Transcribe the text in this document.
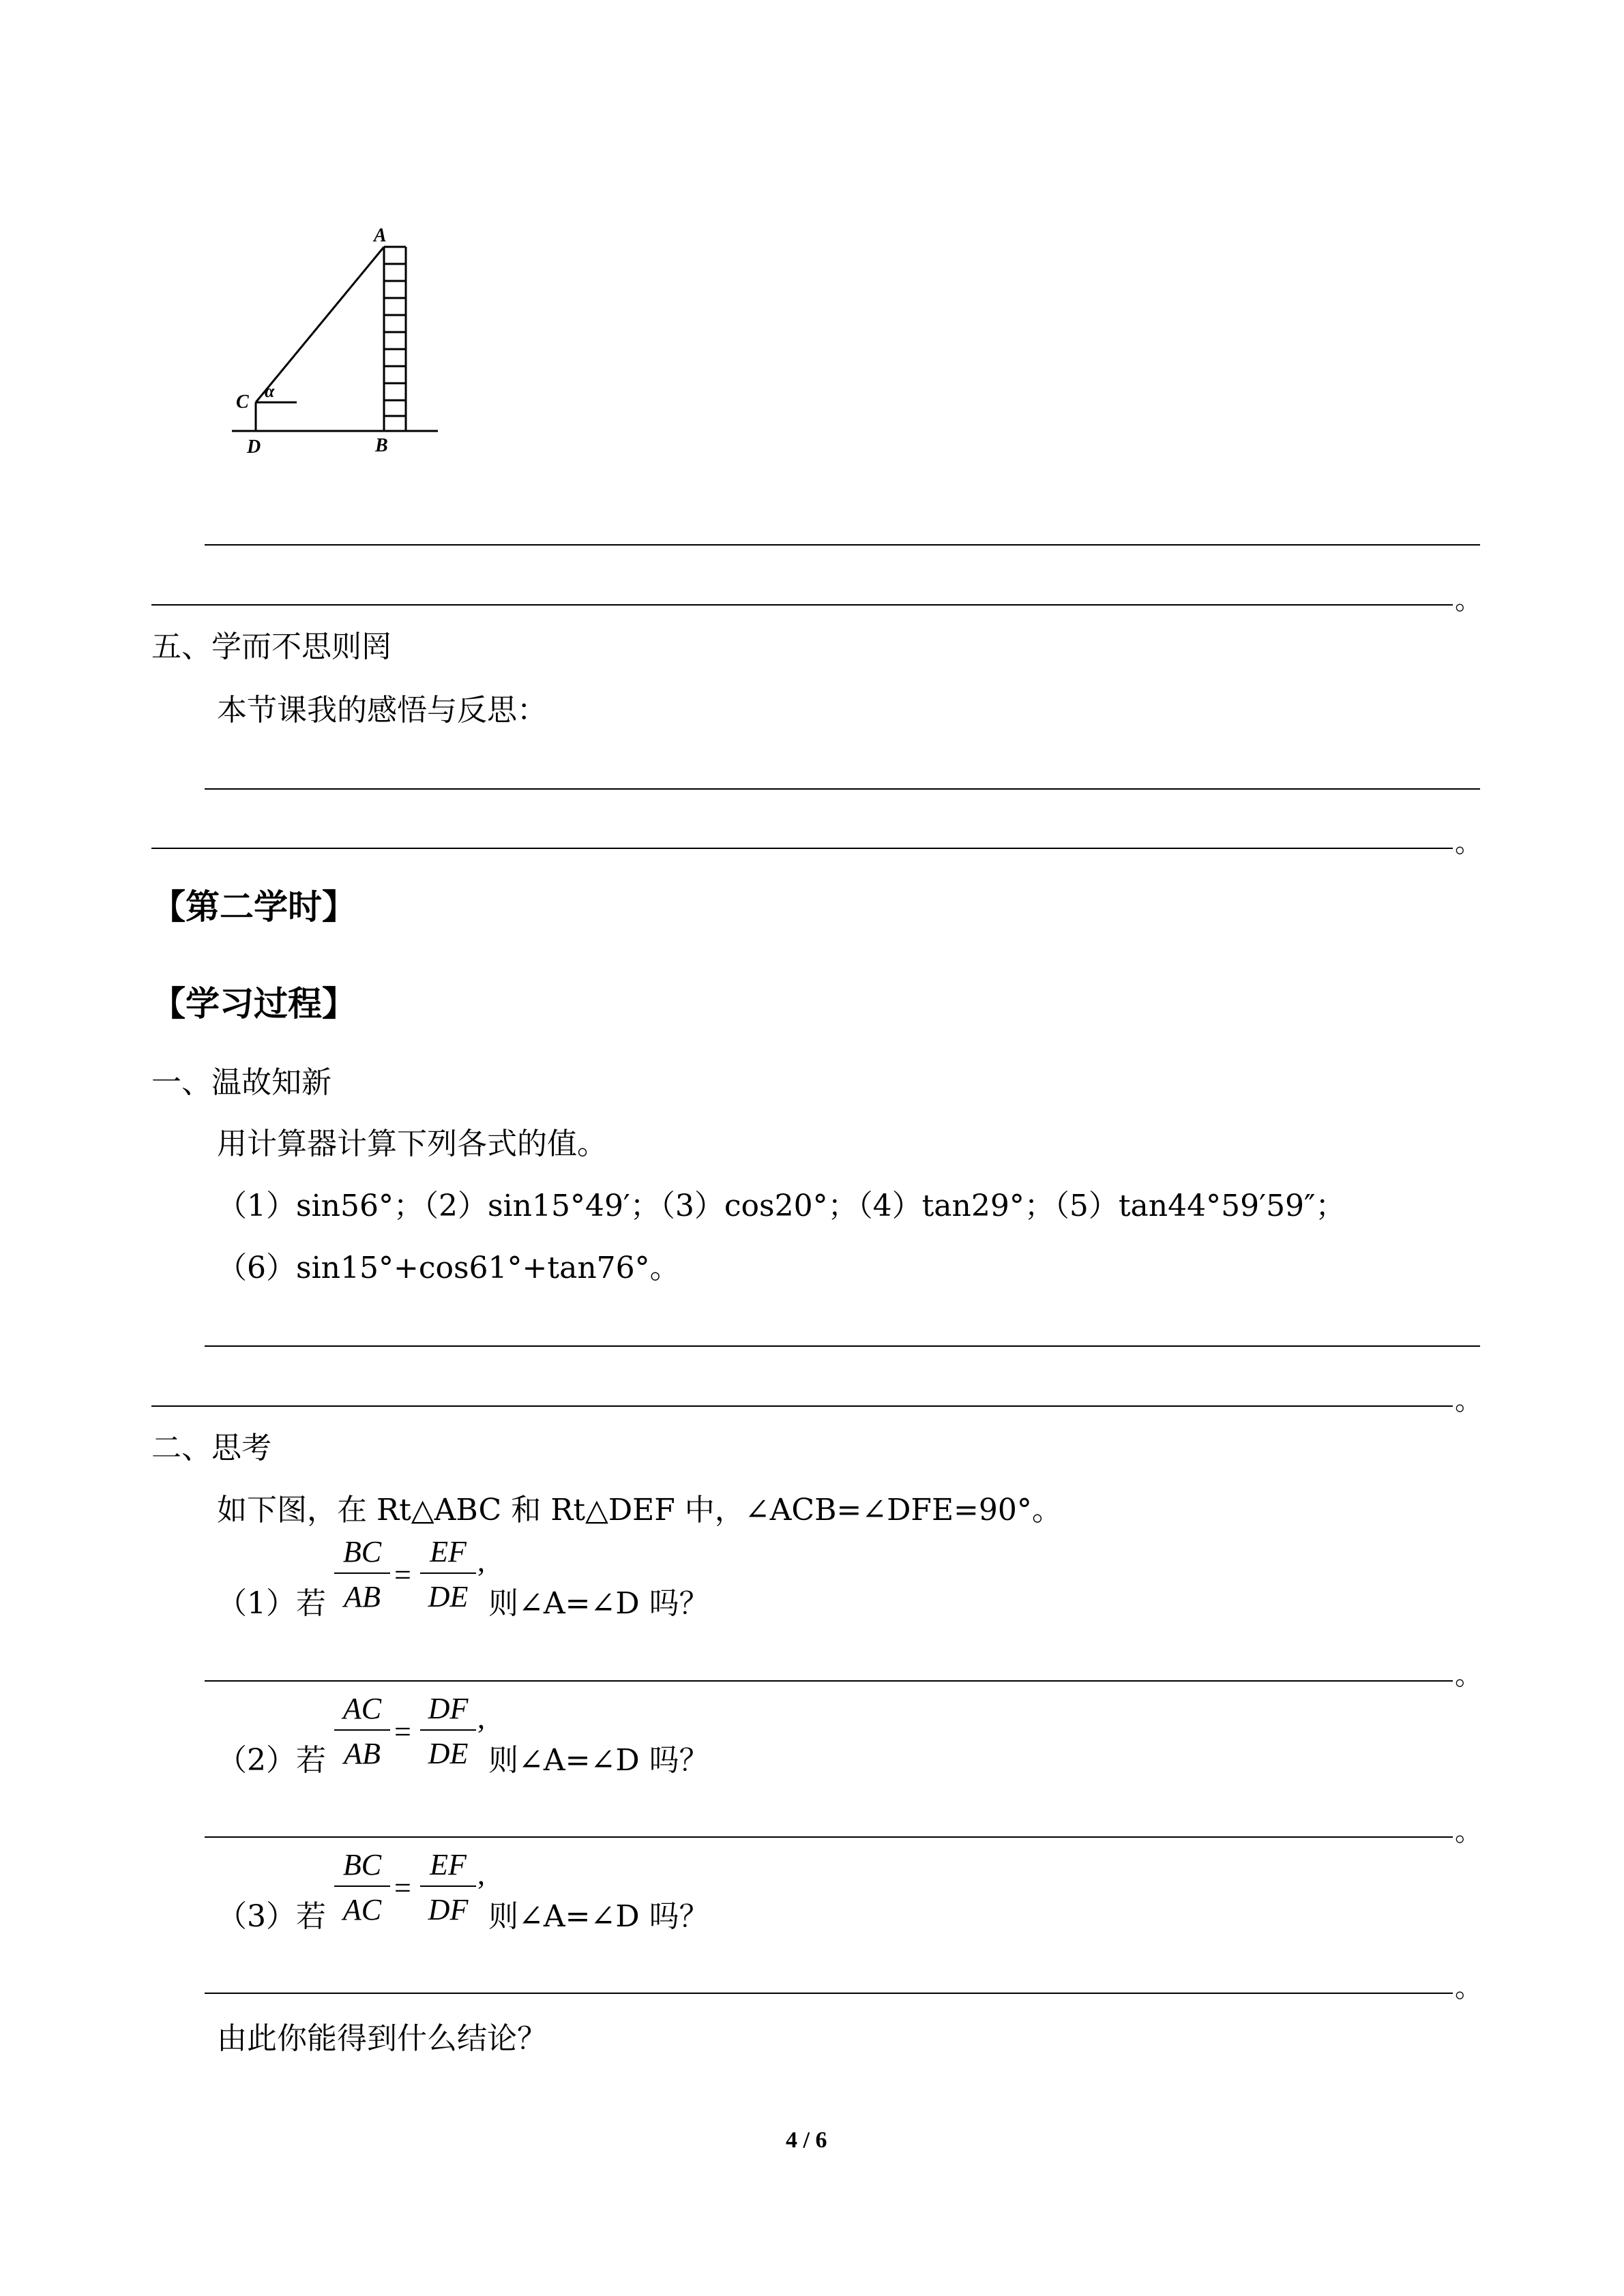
A
C
α
D	B
。
五、学而不思则罔
本节课我的感悟与反思：
。
【第二学时】
【学习过程】
一、温故知新
用计算器计算下列各式的值。
（1）sin56°；（2）sin15°49′；（3）cos20°；（4）tan29°；（5）tan44°59′59″；
（6）sin15°+cos61°+tan76°。
。
二、思考
如下图，在 Rt△ABC 和 Rt△DEF 中，∠ACB=∠DFE=90°。
（1）若
BC
AB
=
EF
DE
,
则∠A=∠D 吗？
。
（2）若
AC
AB
=
DF
DE
,
则∠A=∠D 吗？
。
（3）若
BC
AC
=
EF
DF
,
则∠A=∠D 吗？
。
由此你能得到什么结论？
4 / 6
